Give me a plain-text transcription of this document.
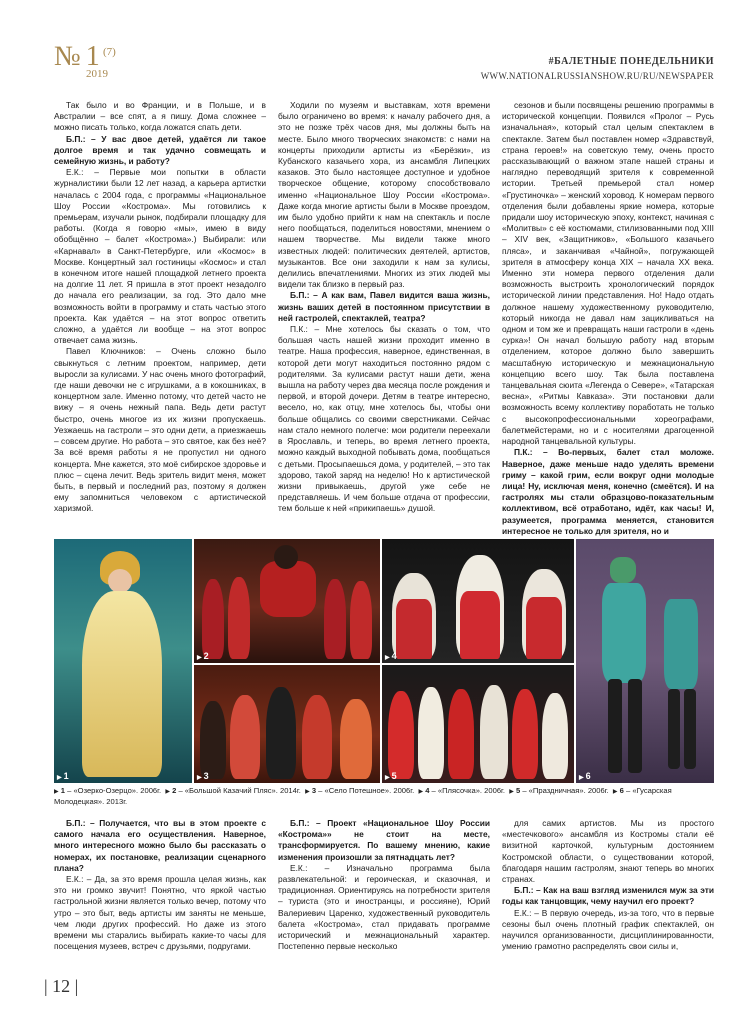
№ 1 (7)
2019
#БАЛЕТНЫЕ ПОНЕДЕЛЬНИКИ
WWW.NATIONALRUSSIANSHOW.RU/RU/NEWSPAPER

Так было и во Франции, и в Польше, и в Австралии – все спят, а я пишу. Дома сложнее – можно писать только, когда ложатся спать дети.

Б.П.: – У вас двое детей, удаётся ли такое долгое время и так удачно совмещать и семейную жизнь, и работу?

Е.К.: – Первые мои попытки в области журналистики были 12 лет назад, а карьера артистки началась с 2004 года, с программы «Национальное Шоу России «Кострома». Мы готовились к премьерам, изучали рынок, подбирали площадку для работы. (Когда я говорю «мы», имею в виду обобщённо – балет «Кострома».) Выбирали: или «Карнавал» в Санкт-Петербурге, или «Космос» в Москве. Концертный зал гостиницы «Космос» и стал в конечном итоге нашей площадкой летнего проекта на долгие 11 лет. Я пришла в этот проект незадолго до начала его реализации, за год. Это дало мне возможность войти в программу и стать частью этого проекта. Как удаётся – на этот вопрос ответить сложно, а удаётся ли вообще – на этот вопрос отвечает сама жизнь.

Павел Ключников: – Очень сложно было свыкнуться с летним проектом, например, дети выросли за кулисами. У нас очень много фотографий, где наши девочки не с игрушками, а в кокошниках, в концертном зале. Именно потому, что детей часто не вижу – я очень нежный папа. Ведь дети растут быстро, очень многое из их жизни пропускаешь. Уезжаешь на гастроли – это одни дети, а приезжаешь – совсем другие. Но работа – это святое, как без неё? За всё время работы я не пропустил ни одного концерта. Мне кажется, это моё сибирское здоровье и плюс – сцена лечит. Ведь зритель видит меня, может быть, в первый и последний раз, поэтому я должен ему запомниться человеком с артистической харизмой.

Ходили по музеям и выставкам, хотя времени было ограничено во время: к началу рабочего дня, а это не позже трёх часов дня, мы должны быть на месте. Было много творческих знакомств: с нами на концерты приходили артисты из «Берёзки», из Кубанского казачьего хора, из ансамбля Липецких казаков. Это было настоящее доступное и удобное творческое общение, которому способствовало именно «Национальное Шоу России «Кострома». Даже когда многие артисты были в Москве проездом, им было удобно прийти к нам на спектакль и после него пообщаться, поделиться новостями, мнением о нашем творчестве. Мы видели также много известных людей: политических деятелей, артистов, музыкантов. Все они заходили к нам за кулисы, делились впечатлениями. Многих из этих людей мы видели так близко в первый раз.

Б.П.: – А как вам, Павел видится ваша жизнь, жизнь ваших детей в постоянном присутствии в ней гастролей, спектаклей, театра?

П.К.: – Мне хотелось бы сказать о том, что большая часть нашей жизни проходит именно в театре. Наша профессия, наверное, единственная, в которой дети могут находиться постоянно рядом с родителями. За кулисами растут наши дети, жена вышла на работу через два месяца после рождения и первой, и второй дочери. Детям в театре интересно, весело, но, как отцу, мне хотелось бы, чтобы они больше общались со своими сверстниками. Сейчас нам стало немного полегче: мои родители переехали в Ярославль, и теперь, во время летнего проекта, можно каждый выходной побывать дома, пообщаться с детьми. Просыпаешься дома, у родителей, – это так здорово, такой заряд на неделю! Но к артистической жизни привыкаешь, другой уже себе не представляешь. И чем больше отдача от профессии, тем больше к ней «прикипаешь» душой.

сезонов и были посвящены решению программы в исторической концепции. Появился «Пролог – Русь изначальная», который стал целым спектаклем в спектакле. Затем был поставлен номер «Здравствуй, страна героев!» на советскую тему, очень просто рассказывающий о важном этапе нашей страны и наглядно переводящий зрителя к современной истории. Третьей премьерой стал номер «Грустиночка» – женский хоровод. К номерам первого отделения были добавлены яркие номера, которые придали шоу историческую эпоху, контекст, начиная с «Молитвы» с её костюмами, стилизованными под XIII – XIV век, «Защитников», «Большого казачьего пляса», и заканчивая «Чайной», погружающей зрителя в атмосферу конца XIX – начала XX века. Именно эти номера первого отделения дали возможность выстроить хронологический порядок исторической линии представления. Но! Надо отдать должное нашему художественному руководителю, который никогда не давал нам зацикливаться на одном и том же и превращать наши гастроли в «день сурка»! Он начал большую работу над вторым отделением, которое должно было завершить масштабную историческую и межнациональную концепцию всего шоу. Так была поставлена танцевальная сюита «Легенда о Севере», «Татарская весна», «Ритмы Кавказа». Эти постановки дали возможность всему коллективу поработать не только с высокопрофессиональными хореографами, балетмейстерами, но и с носителями драгоценной народной танцевальной культуры.

П.К.: – Во-первых, балет стал моложе. Наверное, даже меньше надо уделять времени гриму – какой грим, если вокруг одни молодые лица! Ну, исключая меня, конечно (смеётся). И на гастролях мы стали образцово-показательным коллективом, всё отработано, идёт, как часы! И, разумеется, программа меняется, становится интересное не только для зрителя, но и

▶ 1
▶ 2
▶ 3
▶ 4
▶ 5
▶	6
▶ 1 – «Озерко-Озерцо». 2006г. ▶ 2 – «Большой Казачий Пляс». 2014г. ▶ 3 – «Село Потешное». 2006г. ▶ 4 – «Плясочка». 2006г. ▶ 5 – «Праздничная». 2006г. ▶ 6 – «Гусарская Молодецкая». 2013г.

Б.П.: – Получается, что вы в этом проекте с самого начала его осуществления. Наверное, много интересного можно было бы рассказать о номерах, их постановке, реализации сценарного плана?

Е.К.: – Да, за это время прошла целая жизнь, как это ни громко звучит! Понятно, что яркой частью гастрольной жизни является только вечер, потому что утро – это быт, ведь артисты им заняты не меньше, чем люди других профессий. Но даже из этого времени мы старались выбирать какие-то часы для посещения музеев, встреч с друзьями, подругами.

Б.П.: – Проект «Национальное Шоу России «Кострома»» не стоит на месте, трансформируется. По вашему мнению, какие изменения произошли за пятнадцать лет?

Е.К.: – Изначально программа была развлекательной: и героическая, и сказочная, и традиционная. Ориентируясь на потребности зрителя – туриста (это и иностранцы, и россияне), Юрий Валериевич Царенко, художественный руководитель балета «Кострома», стал придавать программе исторический и межнациональный характер. Постепенно первые несколько

для самих артистов. Мы из простого «местечкового» ансамбля из Костромы стали её визитной карточкой, культурным достоянием Костромской области, о существовании которой, благодаря нашим гастролям, знают теперь во многих странах.

Б.П.: – Как на ваш взгляд изменился муж за эти годы как танцовщик, чему научил его проект?

Е.К.: – В первую очередь, из-за того, что в первые сезоны был очень плотный график спектаклей, он научился организованности, дисциплинированности, умению грамотно распределять свои силы и,

| 12 |
